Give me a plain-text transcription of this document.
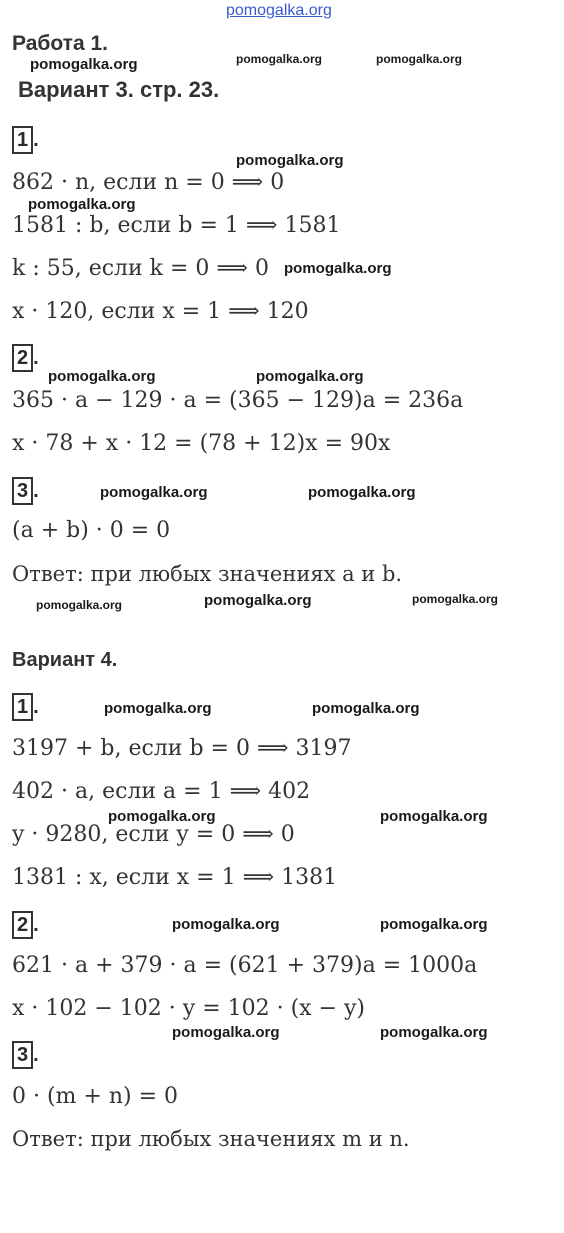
pomogalka.org
Работа 1.
Вариант 3. стр. 23.
1 .
862 · n, если n = 0 ⟹ 0
1581 : b, если b = 1 ⟹ 1581
k : 55, если k = 0 ⟹ 0
x · 120, если x = 1 ⟹ 120
2 .
365 · a − 129 · a = (365 − 129)a = 236a
x · 78 + x · 12 = (78 + 12)x = 90x
3 .
(a + b) · 0 = 0
Ответ: при любых значениях a и b.
Вариант 4.
1 .
3197 + b, если b = 0 ⟹ 3197
402 · a, если a = 1 ⟹ 402
y · 9280, если y = 0 ⟹ 0
1381 : x, если x = 1 ⟹ 1381
2 .
621 · a + 379 · a = (621 + 379)a = 1000a
x · 102 − 102 · y = 102 · (x − y)
3 .
0 · (m + n) = 0
Ответ: при любых значениях m и n.
pomogalka.org	pomogalka.org	pomogalka.org
pomogalka.org
pomogalka.org
pomogalka.org
pomogalka.org	pomogalka.org
pomogalka.org	pomogalka.org
pomogalka.org	pomogalka.org	pomogalka.org
pomogalka.org	pomogalka.org
pomogalka.org	pomogalka.org
pomogalka.org	pomogalka.org
pomogalka.org	pomogalka.org
